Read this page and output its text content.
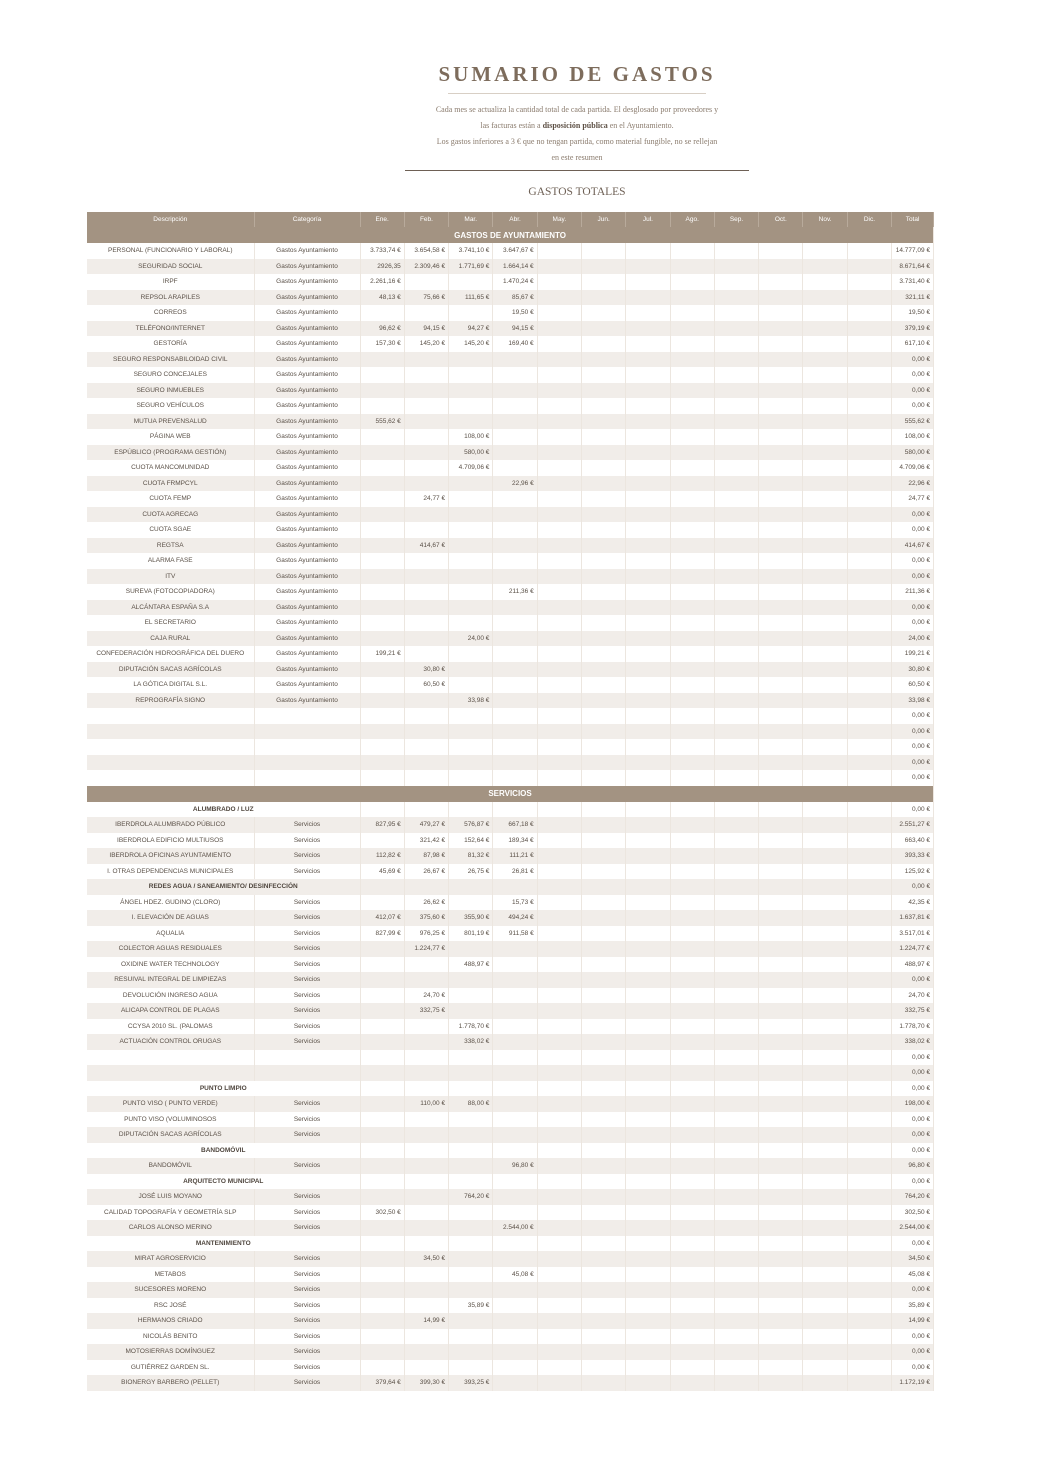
SUMARIO DE GASTOS
Cada mes se actualiza la cantidad total de cada partida. El desglosado por proveedores y
las facturas están a disposición pública en el Ayuntamiento.
Los gastos inferiores a 3 € que no tengan partida, como material fungible, no se rellejan
en este resumen
GASTOS TOTALES
Descripción	Categoría	Ene.	Feb.	Mar.	Abr.	May.	Jun.	Jul.	Ago.	Sep.	Oct.	Nov.	Dic.	Total
GASTOS DE AYUNTAMIENTO														
PERSONAL (FUNCIONARIO Y LABORAL)	Gastos Ayuntamiento	3.733,74 €	3.654,58 €	3.741,10 €	3.647,67 €									14.777,09 €
SEGURIDAD SOCIAL	Gastos Ayuntamiento	2926,35	2.309,46 €	1.771,69 €	1.664,14 €									8.671,64 €
IRPF	Gastos Ayuntamiento	2.261,16 €			1.470,24 €									3.731,40 €
REPSOL ARAPILES	Gastos Ayuntamiento	48,13 €	75,66 €	111,65 €	85,67 €									321,11 €
CORREOS	Gastos Ayuntamiento				19,50 €									19,50 €
TELÉFONO/INTERNET	Gastos Ayuntamiento	96,62 €	94,15 €	94,27 €	94,15 €									379,19 €
GESTORÍA	Gastos Ayuntamiento	157,30 €	145,20 €	145,20 €	169,40 €									617,10 €
SEGURO RESPONSABILOIDAD CIVIL	Gastos Ayuntamiento													0,00 €
SEGURO CONCEJALES	Gastos Ayuntamiento													0,00 €
SEGURO INMUEBLES	Gastos Ayuntamiento													0,00 €
SEGURO VEHÍCULOS	Gastos Ayuntamiento													0,00 €
MUTUA PREVENSALUD	Gastos Ayuntamiento	555,62 €												555,62 €
PÁGINA WEB	Gastos Ayuntamiento			108,00 €										108,00 €
ESPÚBLICO (PROGRAMA GESTIÓN)	Gastos Ayuntamiento			580,00 €										580,00 €
CUOTA MANCOMUNIDAD	Gastos Ayuntamiento			4.709,06 €										4.709,06 €
CUOTA FRMPCYL	Gastos Ayuntamiento				22,96 €									22,96 €
CUOTA FEMP	Gastos Ayuntamiento		24,77 €											24,77 €
CUOTA AGRECAG	Gastos Ayuntamiento													0,00 €
CUOTA SGAE	Gastos Ayuntamiento													0,00 €
REGTSA	Gastos Ayuntamiento		414,67 €											414,67 €
ALARMA FASE	Gastos Ayuntamiento													0,00 €
ITV	Gastos Ayuntamiento													0,00 €
SUREVA (FOTOCOPIADORA)	Gastos Ayuntamiento				211,36 €									211,36 €
ALCÁNTARA ESPAÑA S.A	Gastos Ayuntamiento													0,00 €
EL SECRETARIO	Gastos Ayuntamiento													0,00 €
CAJA RURAL	Gastos Ayuntamiento			24,00 €										24,00 €
CONFEDERACIÓN HIDROGRÁFICA DEL DUERO	Gastos Ayuntamiento	199,21 €												199,21 €
DIPUTACIÓN SACAS AGRÍCOLAS	Gastos Ayuntamiento		30,80 €											30,80 €
LA GÓTICA DIGITAL S.L.	Gastos Ayuntamiento		60,50 €											60,50 €
REPROGRAFÍA SIGNO	Gastos Ayuntamiento			33,98 €										33,98 €
														0,00 €
														0,00 €
														0,00 €
														0,00 €
														0,00 €
SERVICIOS														
ALUMBRADO / LUZ														0,00 €
IBERDROLA ALUMBRADO PÚBLICO	Servicios	827,95 €	479,27 €	576,87 €	667,18 €									2.551,27 €
IBERDROLA EDIFICIO MULTIUSOS	Servicios		321,42 €	152,64 €	189,34 €									663,40 €
IBERDROLA OFICINAS AYUNTAMIENTO	Servicios	112,82 €	87,98 €	81,32 €	111,21 €									393,33 €
I. OTRAS DEPENDENCIAS MUNICIPALES	Servicios	45,69 €	26,67 €	26,75 €	26,81 €									125,92 €
REDES AGUA / SANEAMIENTO/ DESINFECCIÓN														0,00 €
ÁNGEL HDEZ. GUDINO (CLORO)	Servicios		26,62 €		15,73 €									42,35 €
I. ELEVACIÓN DE AGUAS	Servicios	412,07 €	375,60 €	355,90 €	494,24 €									1.637,81 €
AQUALIA	Servicios	827,99 €	976,25 €	801,19 €	911,58 €									3.517,01 €
COLECTOR AGUAS RESIDUALES	Servicios		1.224,77 €											1.224,77 €
OXIDINE WATER TECHNOLOGY	Servicios			488,97 €										488,97 €
RESUIVAL INTEGRAL DE LIMPIEZAS	Servicios													0,00 €
DEVOLUCIÓN INGRESO AGUA	Servicios		24,70 €											24,70 €
ALICAPA CONTROL DE PLAGAS	Servicios		332,75 €											332,75 €
CCYSA 2010 SL. (PALOMAS	Servicios			1.778,70 €										1.778,70 €
ACTUACIÓN CONTROL ORUGAS	Servicios			338,02 €										338,02 €
														0,00 €
														0,00 €
PUNTO LIMPIO														0,00 €
PUNTO VISO ( PUNTO VERDE)	Servicios		110,00 €	88,00 €										198,00 €
PUNTO VISO (VOLUMINOSOS	Servicios													0,00 €
DIPUTACIÓN SACAS AGRÍCOLAS	Servicios													0,00 €
BANDOMÓVIL														0,00 €
BANDOMÓVIL	Servicios				96,80 €									96,80 €
ARQUITECTO MUNICIPAL														0,00 €
JOSÉ LUIS MOYANO	Servicios			764,20 €										764,20 €
CALIDAD TOPOGRAFÍA Y GEOMETRÍA SLP	Servicios	302,50 €												302,50 €
CARLOS ALONSO MERINO	Servicios				2.544,00 €									2.544,00 €
MANTENIMIENTO														0,00 €
MIRAT AGROSERVICIO	Servicios		34,50 €											34,50 €
METABOS	Servicios				45,08 €									45,08 €
SUCESORES MORENO	Servicios													0,00 €
RSC JOSÉ	Servicios			35,89 €										35,89 €
HERMANOS CRIADO	Servicios		14,99 €											14,99 €
NICOLÁS BENITO	Servicios													0,00 €
MOTOSIERRAS DOMÍNGUEZ	Servicios													0,00 €
GUTIÉRREZ GARDEN SL.	Servicios													0,00 €
BIONERGY BARBERO (PELLET)	Servicios	379,64 €	399,30 €	393,25 €										1.172,19 €
